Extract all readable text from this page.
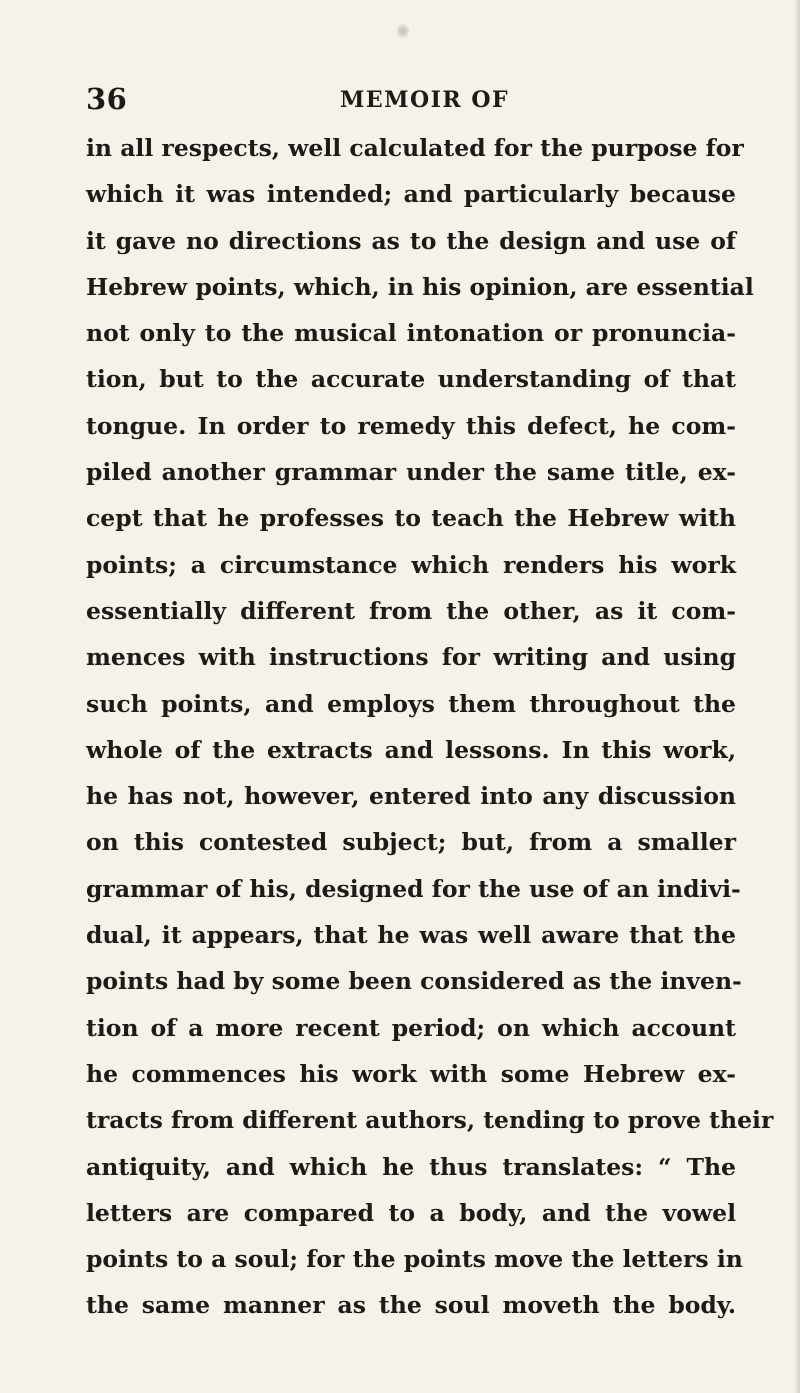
36	MEMOIR OF
in all respects, well calculated for the purpose for
which it was intended; and particularly because
it gave no directions as to the design and use of
Hebrew points, which, in his opinion, are essential
not only to the musical intonation or pronuncia-
tion, but to the accurate understanding of that
tongue. In order to remedy this defect, he com-
piled another grammar under the same title, ex-
cept that he professes to teach the Hebrew with
points; a circumstance which renders his work
essentially different from the other, as it com-
mences with instructions for writing and using
such points, and employs them throughout the
whole of the extracts and lessons. In this work,
he has not, however, entered into any discussion
on this contested subject; but, from a smaller
grammar of his, designed for the use of an indivi-
dual, it appears, that he was well aware that the
points had by some been considered as the inven-
tion of a more recent period; on which account
he commences his work with some Hebrew ex-
tracts from different authors, tending to prove their
antiquity, and which he thus translates: “ The
letters are compared to a body, and the vowel
points to a soul; for the points move the letters in
the same manner as the soul moveth the body.
